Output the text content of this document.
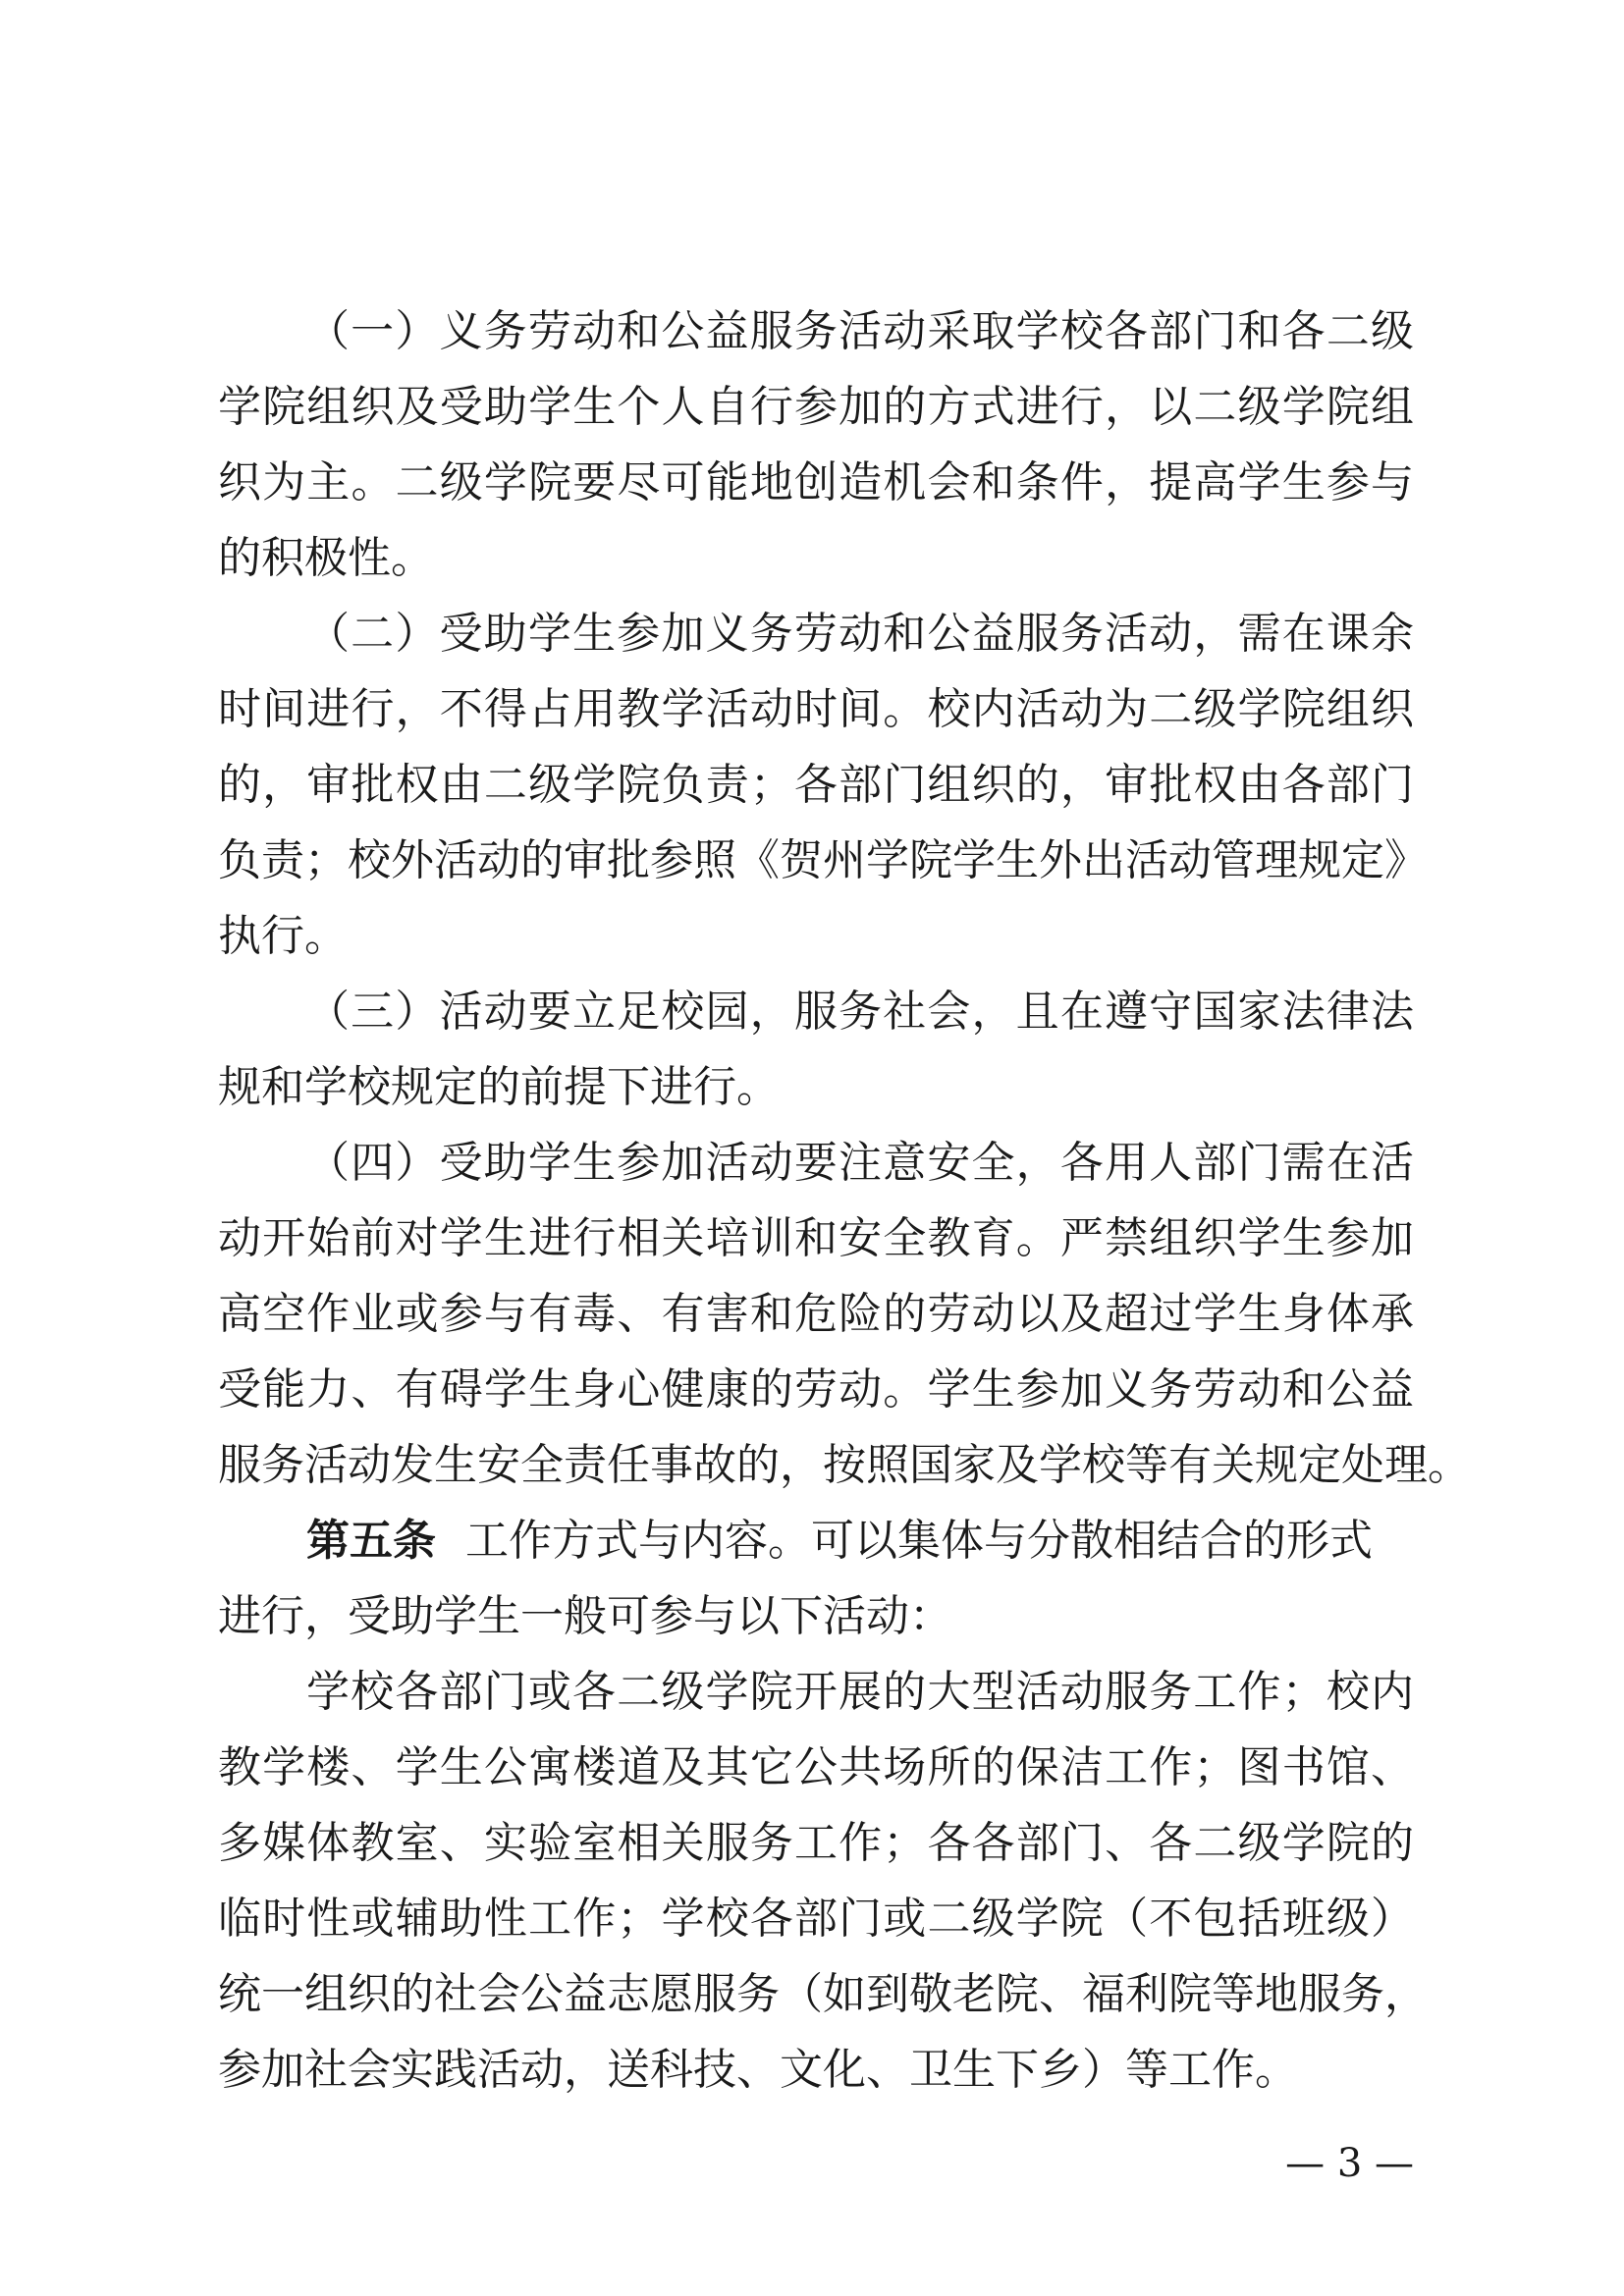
（一）义务劳动和公益服务活动采取学校各部门和各二级
学院组织及受助学生个人自行参加的方式进行，以二级学院组
织为主。二级学院要尽可能地创造机会和条件，提高学生参与
的积极性。
（二）受助学生参加义务劳动和公益服务活动，需在课余
时间进行，不得占用教学活动时间。校内活动为二级学院组织
的，审批权由二级学院负责；各部门组织的，审批权由各部门
负责；校外活动的审批参照《贺州学院学生外出活动管理规定》
执行。
（三）活动要立足校园，服务社会，且在遵守国家法律法
规和学校规定的前提下进行。
（四）受助学生参加活动要注意安全，各用人部门需在活
动开始前对学生进行相关培训和安全教育。严禁组织学生参加
高空作业或参与有毒、有害和危险的劳动以及超过学生身体承
受能力、有碍学生身心健康的劳动。学生参加义务劳动和公益
服务活动发生安全责任事故的，按照国家及学校等有关规定处理。
第五条 工作方式与内容。可以集体与分散相结合的形式
进行，受助学生一般可参与以下活动：
学校各部门或各二级学院开展的大型活动服务工作；校内
教学楼、学生公寓楼道及其它公共场所的保洁工作；图书馆、
多媒体教室、实验室相关服务工作；各各部门、各二级学院的
临时性或辅助性工作；学校各部门或二级学院（不包括班级）
统一组织的社会公益志愿服务（如到敬老院、福利院等地服务，
参加社会实践活动，送科技、文化、卫生下乡）等工作。
— 3 —
